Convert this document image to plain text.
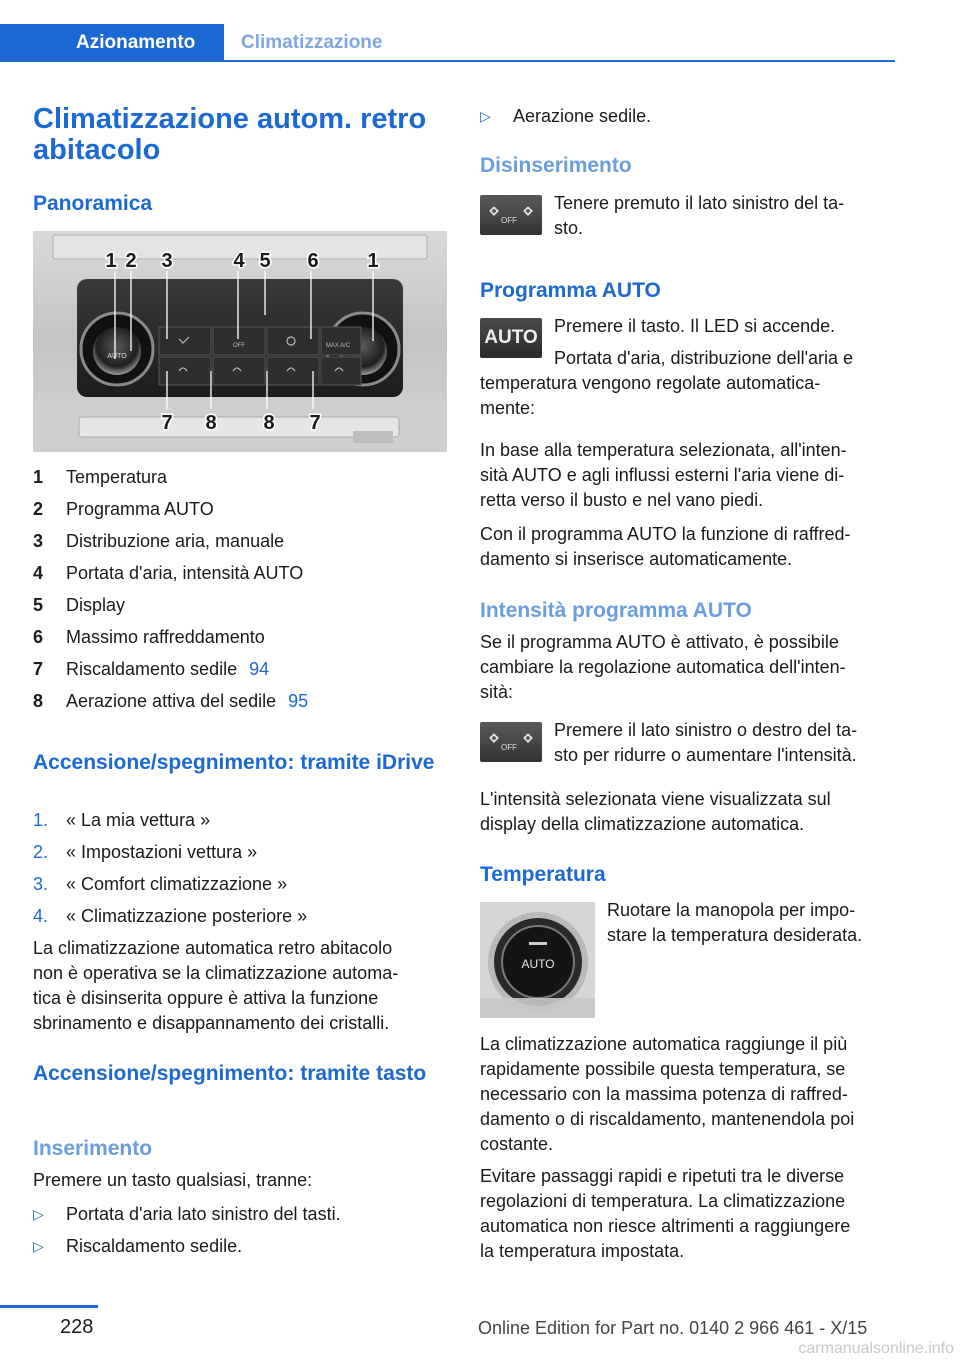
Azionamento	Climatizzazione
Climatizzazione autom. retro abitacolo
Panoramica
AUTO
OFF	MAX A/C
1 2 3	4 5 6 1
7 8 8 7
1	Temperatura
2	Programma AUTO
3	Distribuzione aria, manuale
4	Portata d'aria, intensità AUTO
5	Display
6	Massimo raffreddamento
7	Riscaldamento sedile 94
8	Aerazione attiva del sedile 95
Accensione/spegnimento: tramite iDrive
1. « La mia vettura »
2. « Impostazioni vettura »
3. « Comfort climatizzazione »
4. « Climatizzazione posteriore »
La climatizzazione automatica retro abitacolo
non è operativa se la climatizzazione automa‐
tica è disinserita oppure è attiva la funzione
sbrinamento e disappannamento dei cristalli.
Accensione/spegnimento: tramite tasto
Inserimento
Premere un tasto qualsiasi, tranne:
▷ Portata d'aria lato sinistro del tasti.
▷ Riscaldamento sedile.
▷ Aerazione sedile.
Disinserimento
OFF
Tenere premuto il lato sinistro del ta‐
sto.
Programma AUTO
AUTO
Premere il tasto. Il LED si accende.
Portata d'aria, distribuzione dell'aria e
temperatura vengono regolate automatica‐
mente:
In base alla temperatura selezionata, all'inten‐
sità AUTO e agli influssi esterni l'aria viene di‐
retta verso il busto e nel vano piedi.
Con il programma AUTO la funzione di raffred‐
damento si inserisce automaticamente.
Intensità programma AUTO
Se il programma AUTO è attivato, è possibile
cambiare la regolazione automatica dell'inten‐
sità:
OFF
Premere il lato sinistro o destro del ta‐
sto per ridurre o aumentare l'intensità.
L'intensità selezionata viene visualizzata sul
display della climatizzazione automatica.
Temperatura
AUTO
Ruotare la manopola per impo‐
stare la temperatura desiderata.
La climatizzazione automatica raggiunge il più
rapidamente possibile questa temperatura, se
necessario con la massima potenza di raffred‐
damento o di riscaldamento, mantenendola poi
costante.
Evitare passaggi rapidi e ripetuti tra le diverse
regolazioni di temperatura. La climatizzazione
automatica non riesce altrimenti a raggiungere
la temperatura impostata.
228	Online Edition for Part no. 0140 2 966 461 - X/15
carmanualsonline.info
